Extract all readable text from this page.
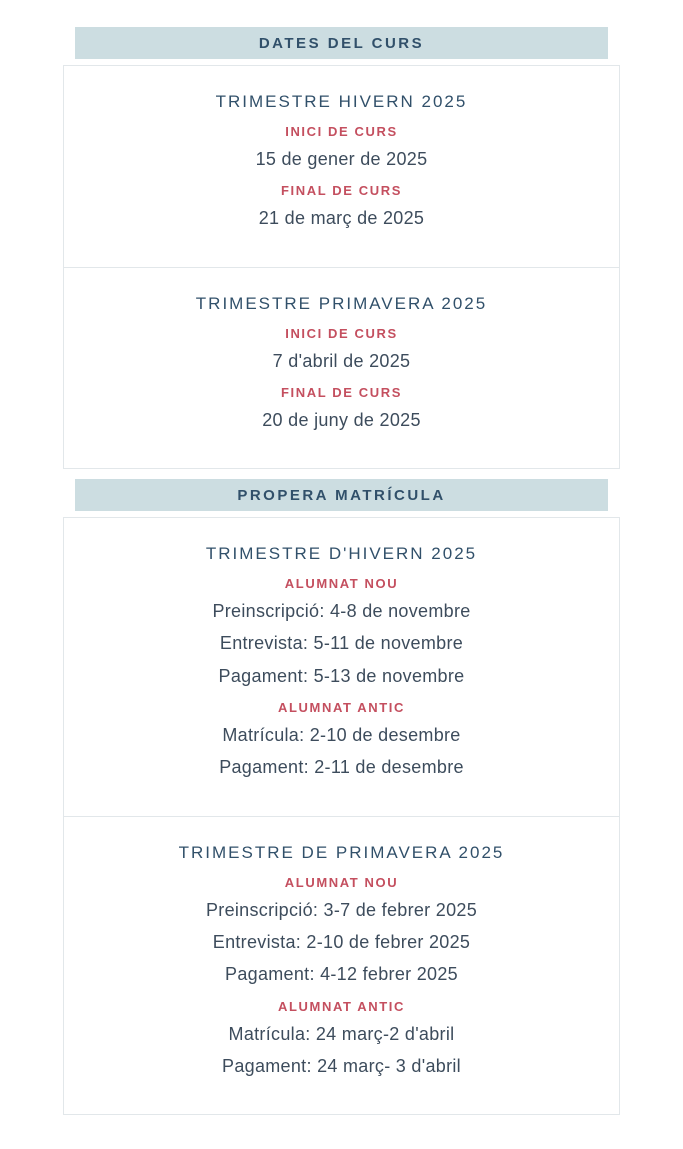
DATES DEL CURS
TRIMESTRE HIVERN 2025
INICI DE CURS

15 de gener de 2025

FINAL DE CURS

21 de març de 2025

TRIMESTRE PRIMAVERA 2025
INICI DE CURS

7 d'abril de 2025

FINAL DE CURS

20 de juny de 2025

PROPERA MATRÍCULA
TRIMESTRE D'HIVERN 2025
ALUMNAT NOU

Preinscripció: 4-8 de novembre

Entrevista: 5-11 de novembre

Pagament: 5-13 de novembre

ALUMNAT ANTIC

Matrícula: 2-10 de desembre

Pagament: 2-11 de desembre

TRIMESTRE DE PRIMAVERA 2025
ALUMNAT NOU

Preinscripció: 3-7 de febrer 2025

Entrevista: 2-10 de febrer 2025

Pagament: 4-12 febrer 2025

ALUMNAT ANTIC

Matrícula: 24 març-2 d'abril

Pagament: 24 març- 3 d'abril
